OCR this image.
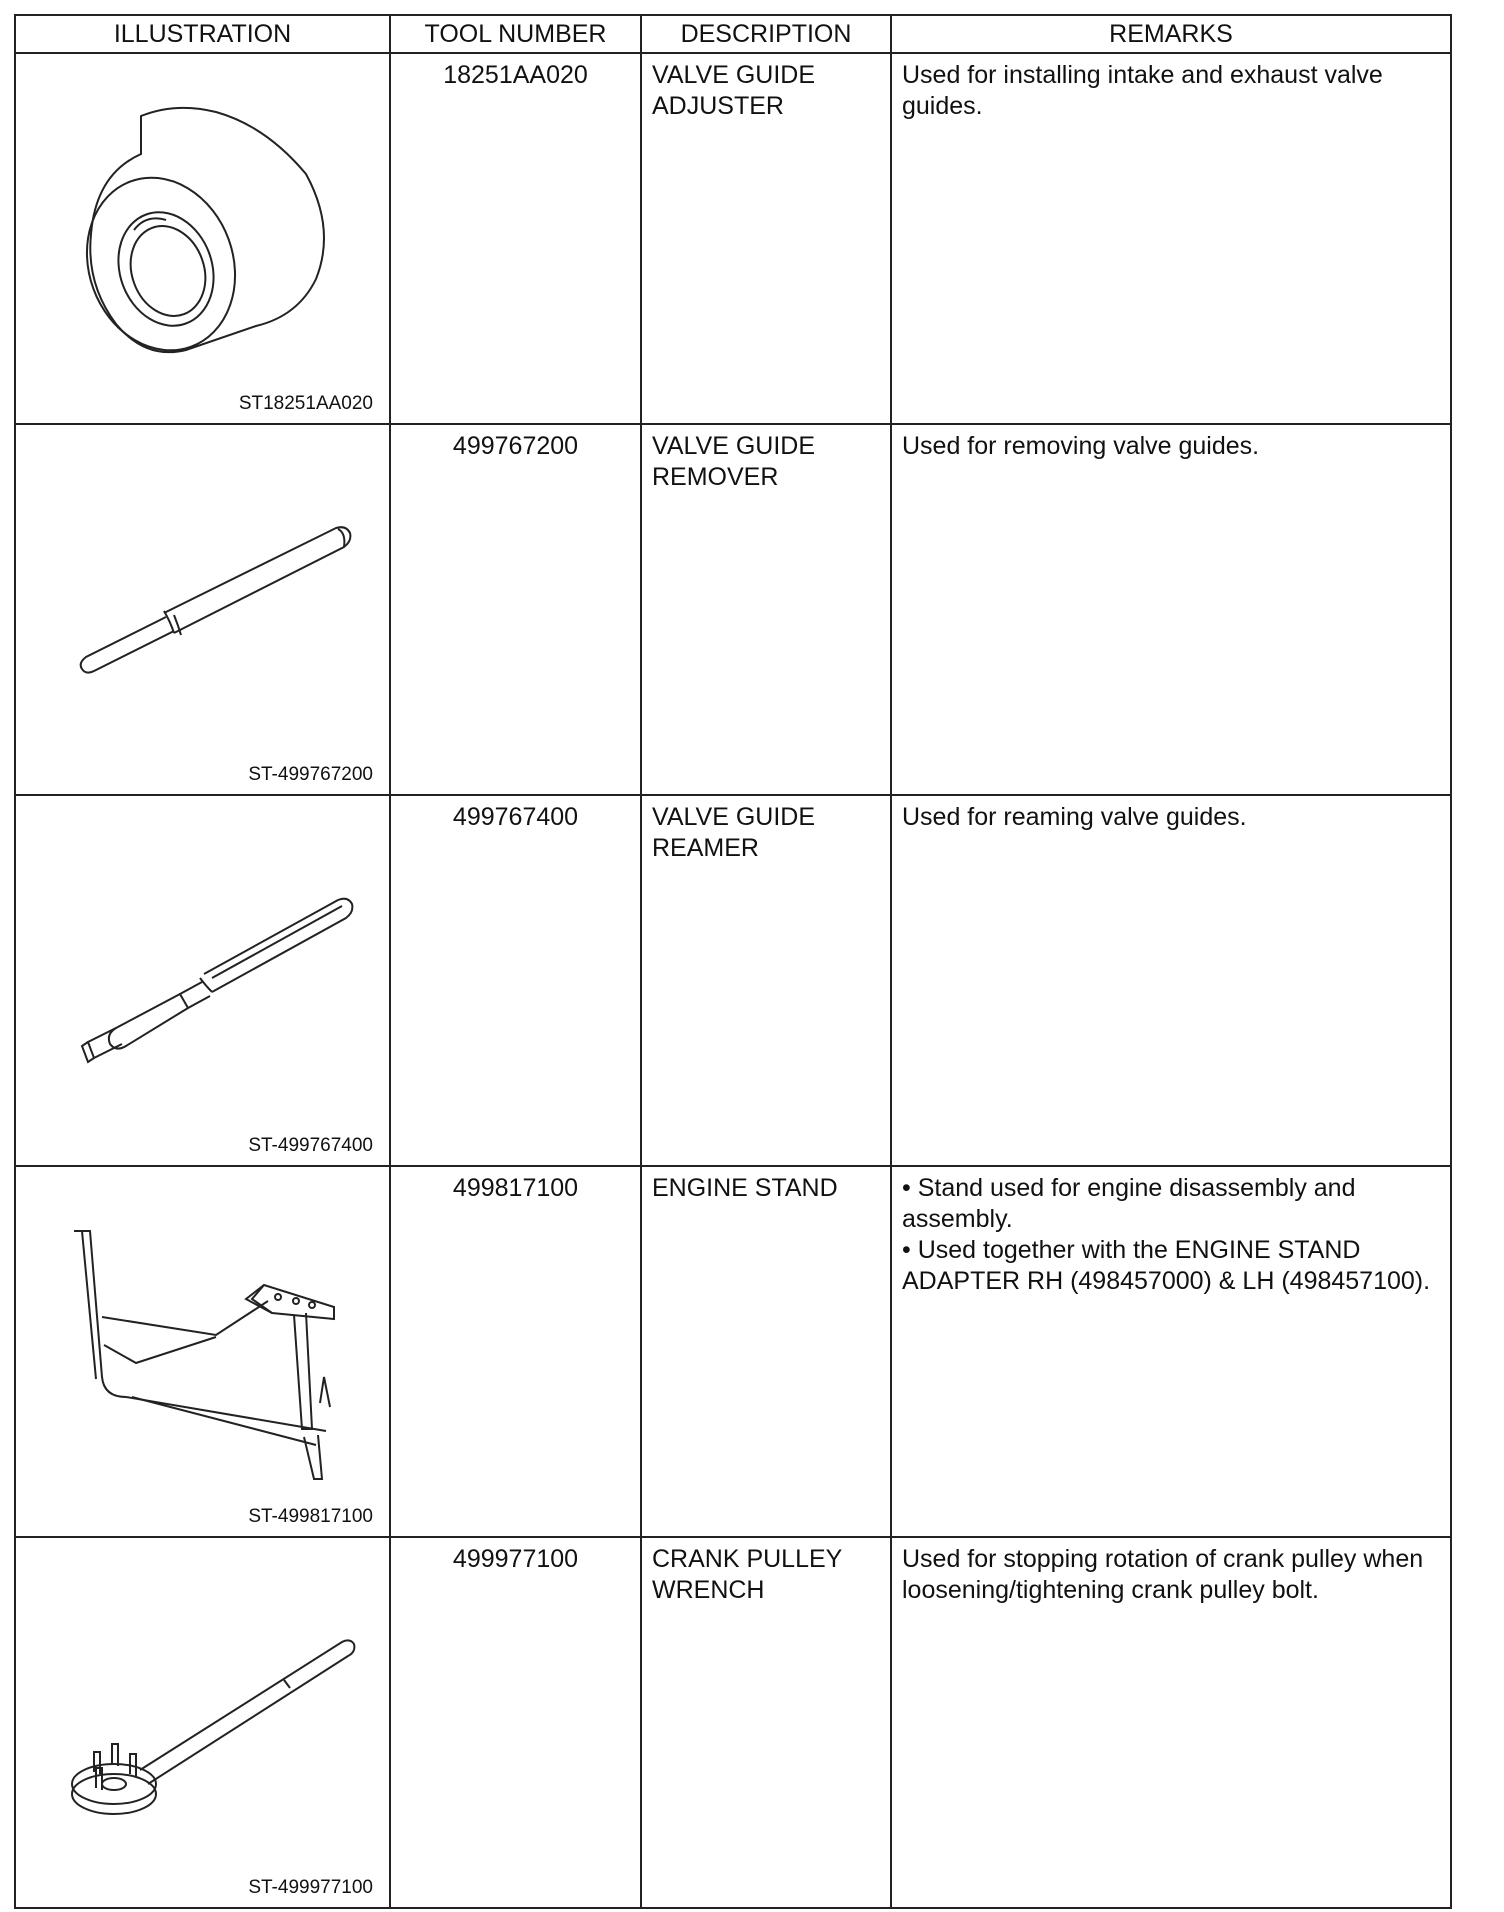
ILLUSTRATION	TOOL NUMBER	DESCRIPTION	REMARKS

ST18251AA020	18251AA020	VALVE GUIDE ADJUSTER	Used for installing intake and exhaust valve guides.

ST-499767200	499767200	VALVE GUIDE REMOVER	Used for removing valve guides.

ST-499767400	499767400	VALVE GUIDE REAMER	Used for reaming valve guides.

ST-499817100	499817100	ENGINE STAND	• Stand used for engine disassembly and assembly.
• Used together with the ENGINE STAND ADAPTER RH (498457000) & LH (498457100).

ST-499977100	499977100	CRANK PULLEY WRENCH	Used for stopping rotation of crank pulley when loosening/tightening crank pulley bolt.
